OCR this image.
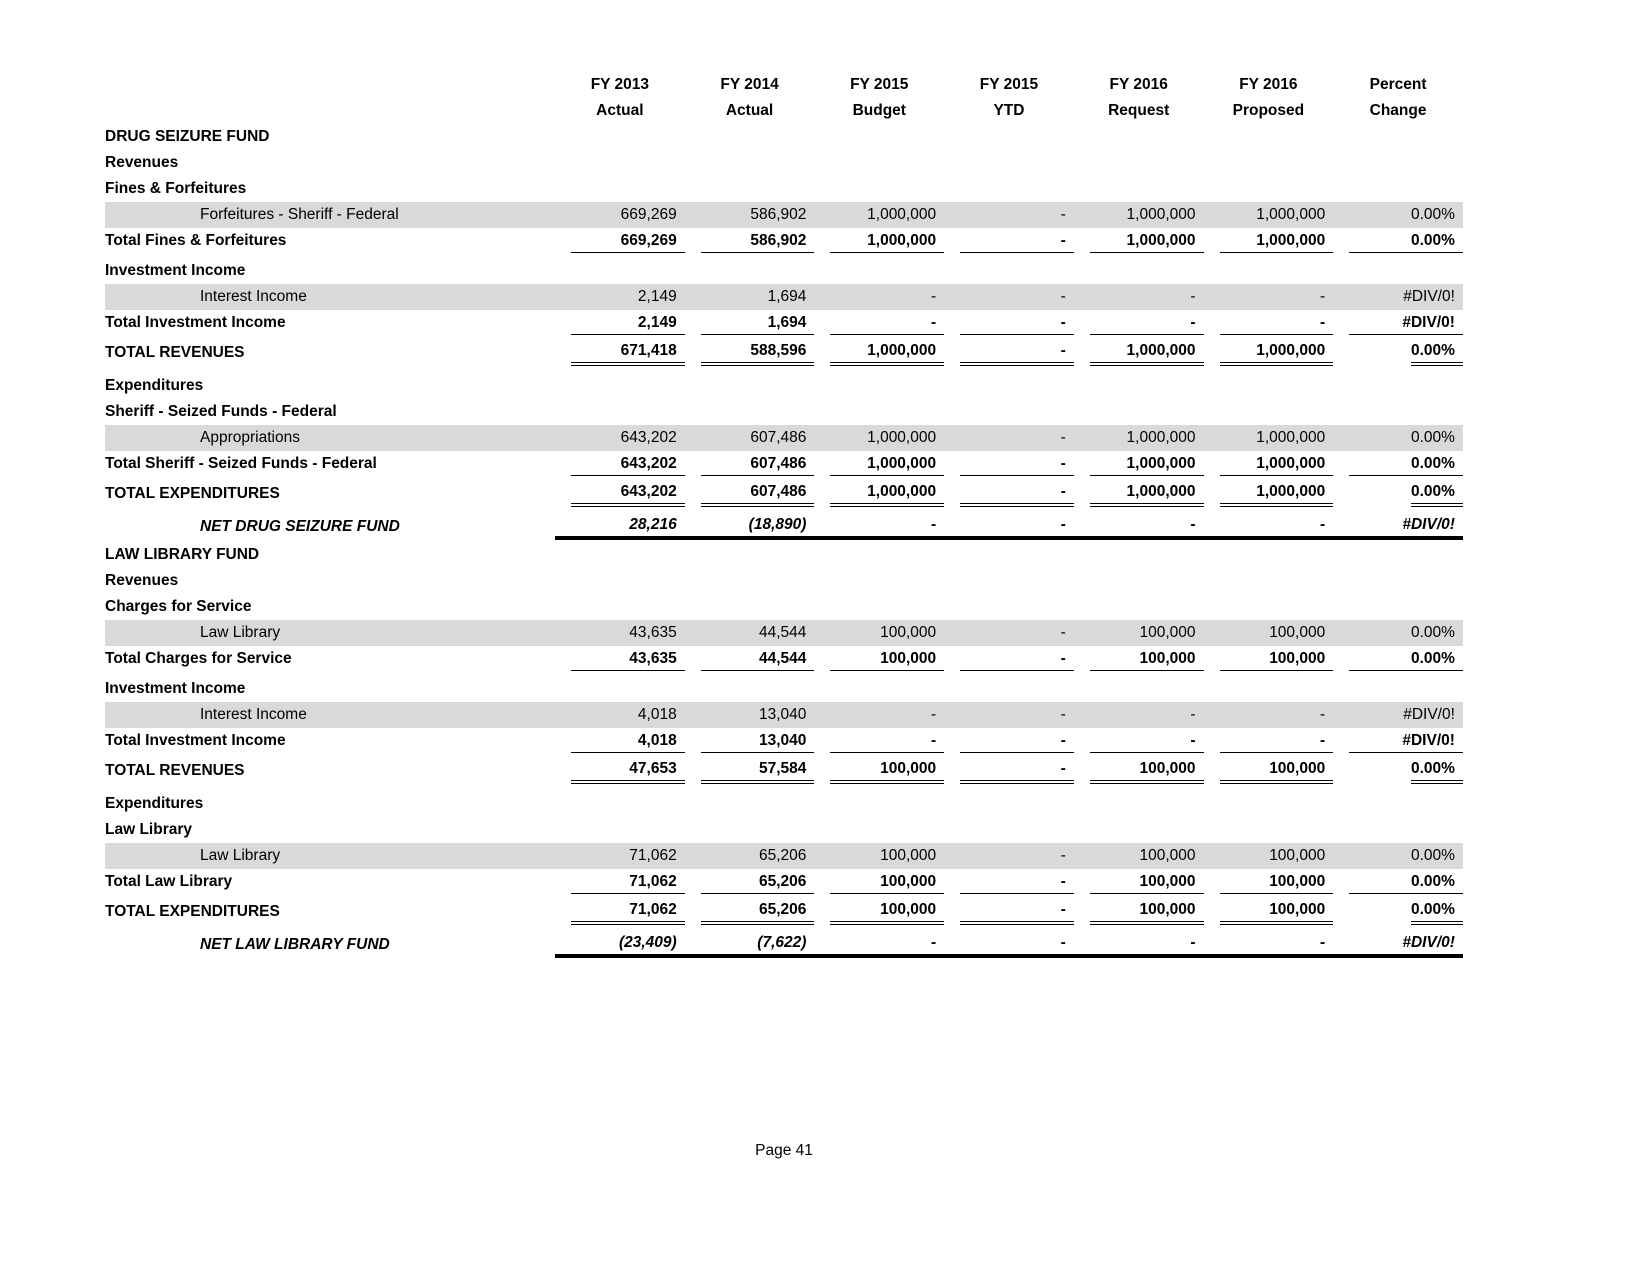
FY 2013	FY 2014	FY 2015	FY 2015	FY 2016	FY 2016	Percent
Actual	Actual	Budget	YTD	Request	Proposed	Change
DRUG SEIZURE FUND
Revenues
Fines & Forfeitures
Forfeitures - Sheriff - Federal	669,269	586,902	1,000,000	-	1,000,000	1,000,000	0.00%
Total Fines & Forfeitures	669,269	586,902	1,000,000	-	1,000,000	1,000,000	0.00%
Investment Income
Interest Income	2,149	1,694	-	-	-	-	#DIV/0!
Total Investment Income	2,149	1,694	-	-	-	-	#DIV/0!
TOTAL REVENUES	671,418	588,596	1,000,000	-	1,000,000	1,000,000	0.00%
Expenditures
Sheriff - Seized Funds - Federal
Appropriations	643,202	607,486	1,000,000	-	1,000,000	1,000,000	0.00%
Total Sheriff - Seized Funds - Federal	643,202	607,486	1,000,000	-	1,000,000	1,000,000	0.00%
TOTAL EXPENDITURES	643,202	607,486	1,000,000	-	1,000,000	1,000,000	0.00%
NET DRUG SEIZURE FUND	28,216	(18,890)	-	-	-	-	#DIV/0!
LAW LIBRARY FUND
Revenues
Charges for Service
Law Library	43,635	44,544	100,000	-	100,000	100,000	0.00%
Total Charges for Service	43,635	44,544	100,000	-	100,000	100,000	0.00%
Investment Income
Interest Income	4,018	13,040	-	-	-	-	#DIV/0!
Total Investment Income	4,018	13,040	-	-	-	-	#DIV/0!
TOTAL REVENUES	47,653	57,584	100,000	-	100,000	100,000	0.00%
Expenditures
Law Library
Law Library	71,062	65,206	100,000	-	100,000	100,000	0.00%
Total Law Library	71,062	65,206	100,000	-	100,000	100,000	0.00%
TOTAL EXPENDITURES	71,062	65,206	100,000	-	100,000	100,000	0.00%
NET LAW LIBRARY FUND	(23,409)	(7,622)	-	-	-	-	#DIV/0!
Page 41
